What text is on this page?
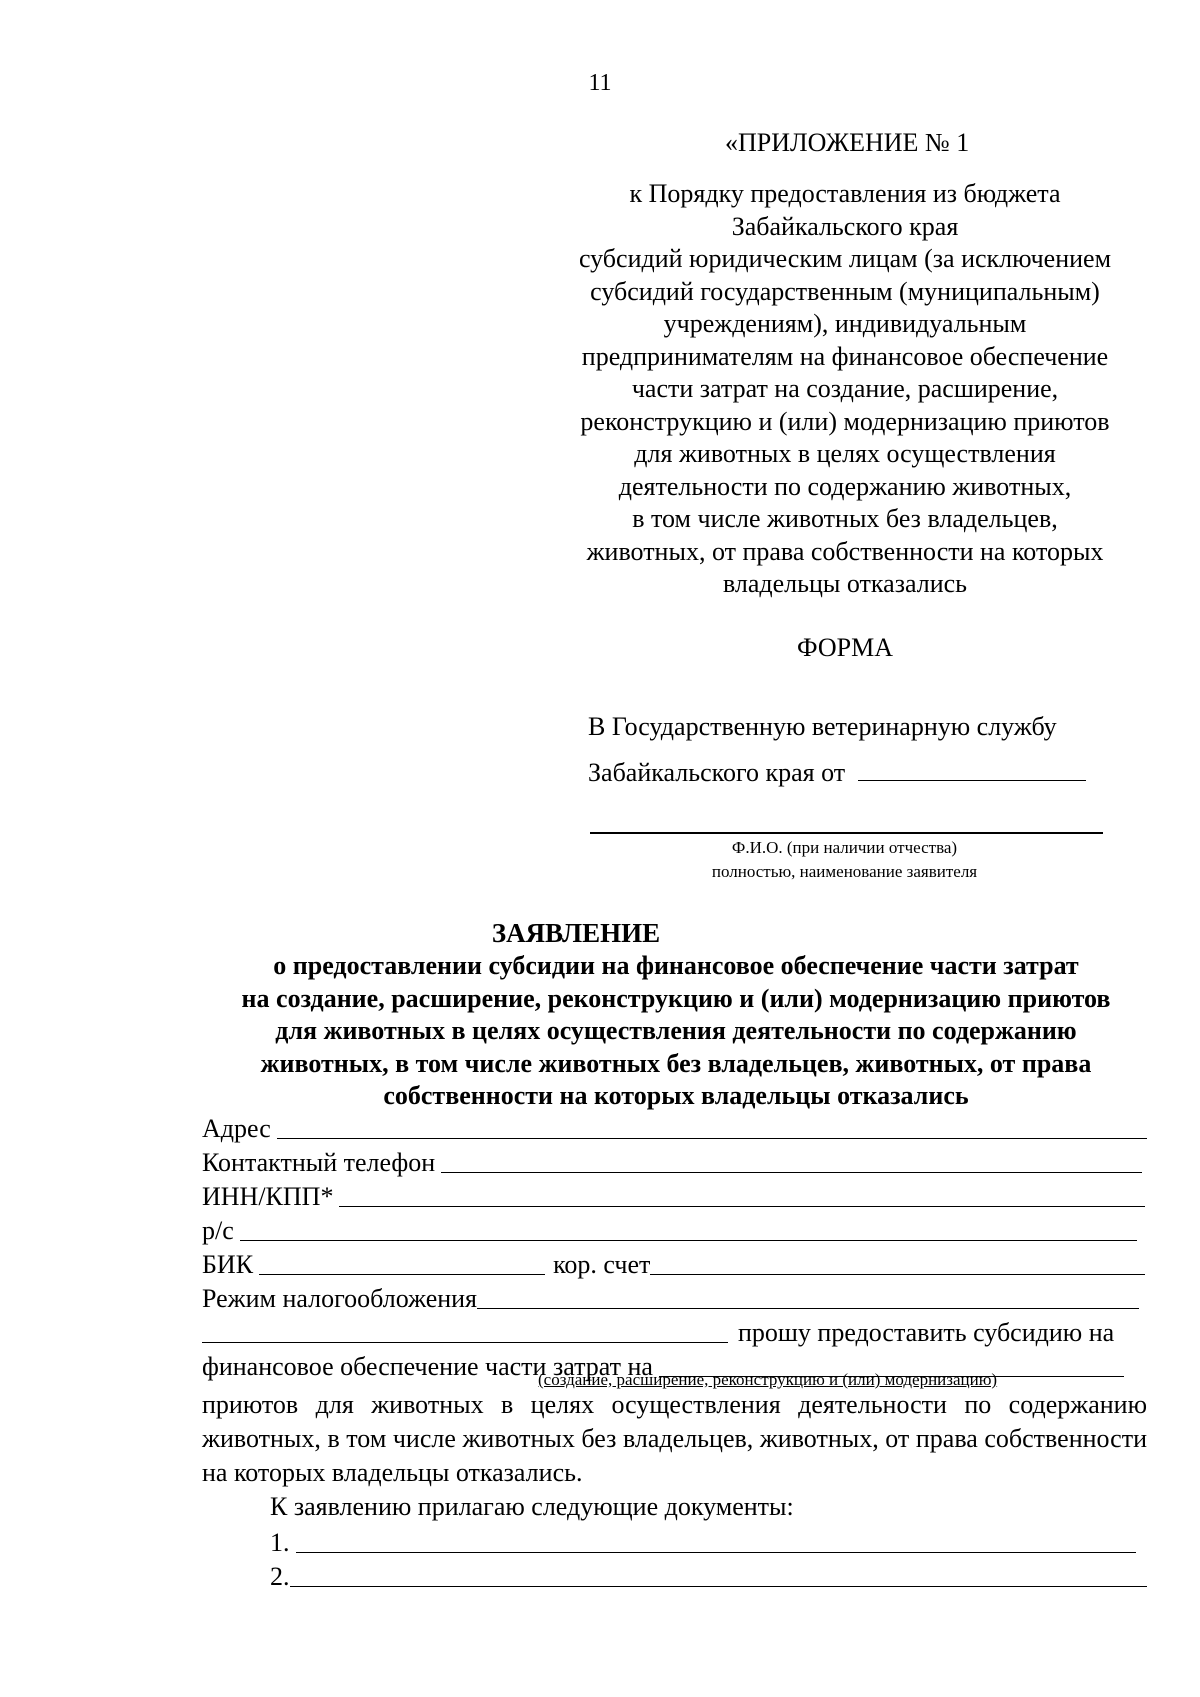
11
«ПРИЛОЖЕНИЕ № 1
к Порядку предоставления из бюджета
Забайкальского края
субсидий юридическим лицам (за исключением
субсидий государственным (муниципальным)
учреждениям), индивидуальным
предпринимателям на финансовое обеспечение
части затрат на создание, расширение,
реконструкцию и (или) модернизацию приютов
для животных в целях осуществления
деятельности по содержанию животных,
в том числе животных без владельцев,
животных, от права собственности на которых
владельцы отказались
ФОРМА
В Государственную ветеринарную службу
Забайкальского края от
Ф.И.О. (при наличии отчества)
полностью, наименование заявителя
ЗАЯВЛЕНИЕ
о предоставлении субсидии на финансовое обеспечение части затрат
на создание, расширение, реконструкцию и (или) модернизацию приютов
для животных в целях осуществления деятельности по содержанию
животных, в том числе животных без владельцев, животных, от права
собственности на которых владельцы отказались
Адрес
Контактный телефон
ИНН/КПП*
р/с
БИК	кор. счет
Режим налогообложения
прошу предоставить субсидию на
финансовое обеспечение части затрат на
(создание, расширение, реконструкцию и (или) модернизацию)
приютов для животных в целях осуществления деятельности по содержанию животных, в том числе животных без владельцев, животных, от права собственности на которых владельцы отказались.
К заявлению прилагаю следующие документы:
1.
2.
